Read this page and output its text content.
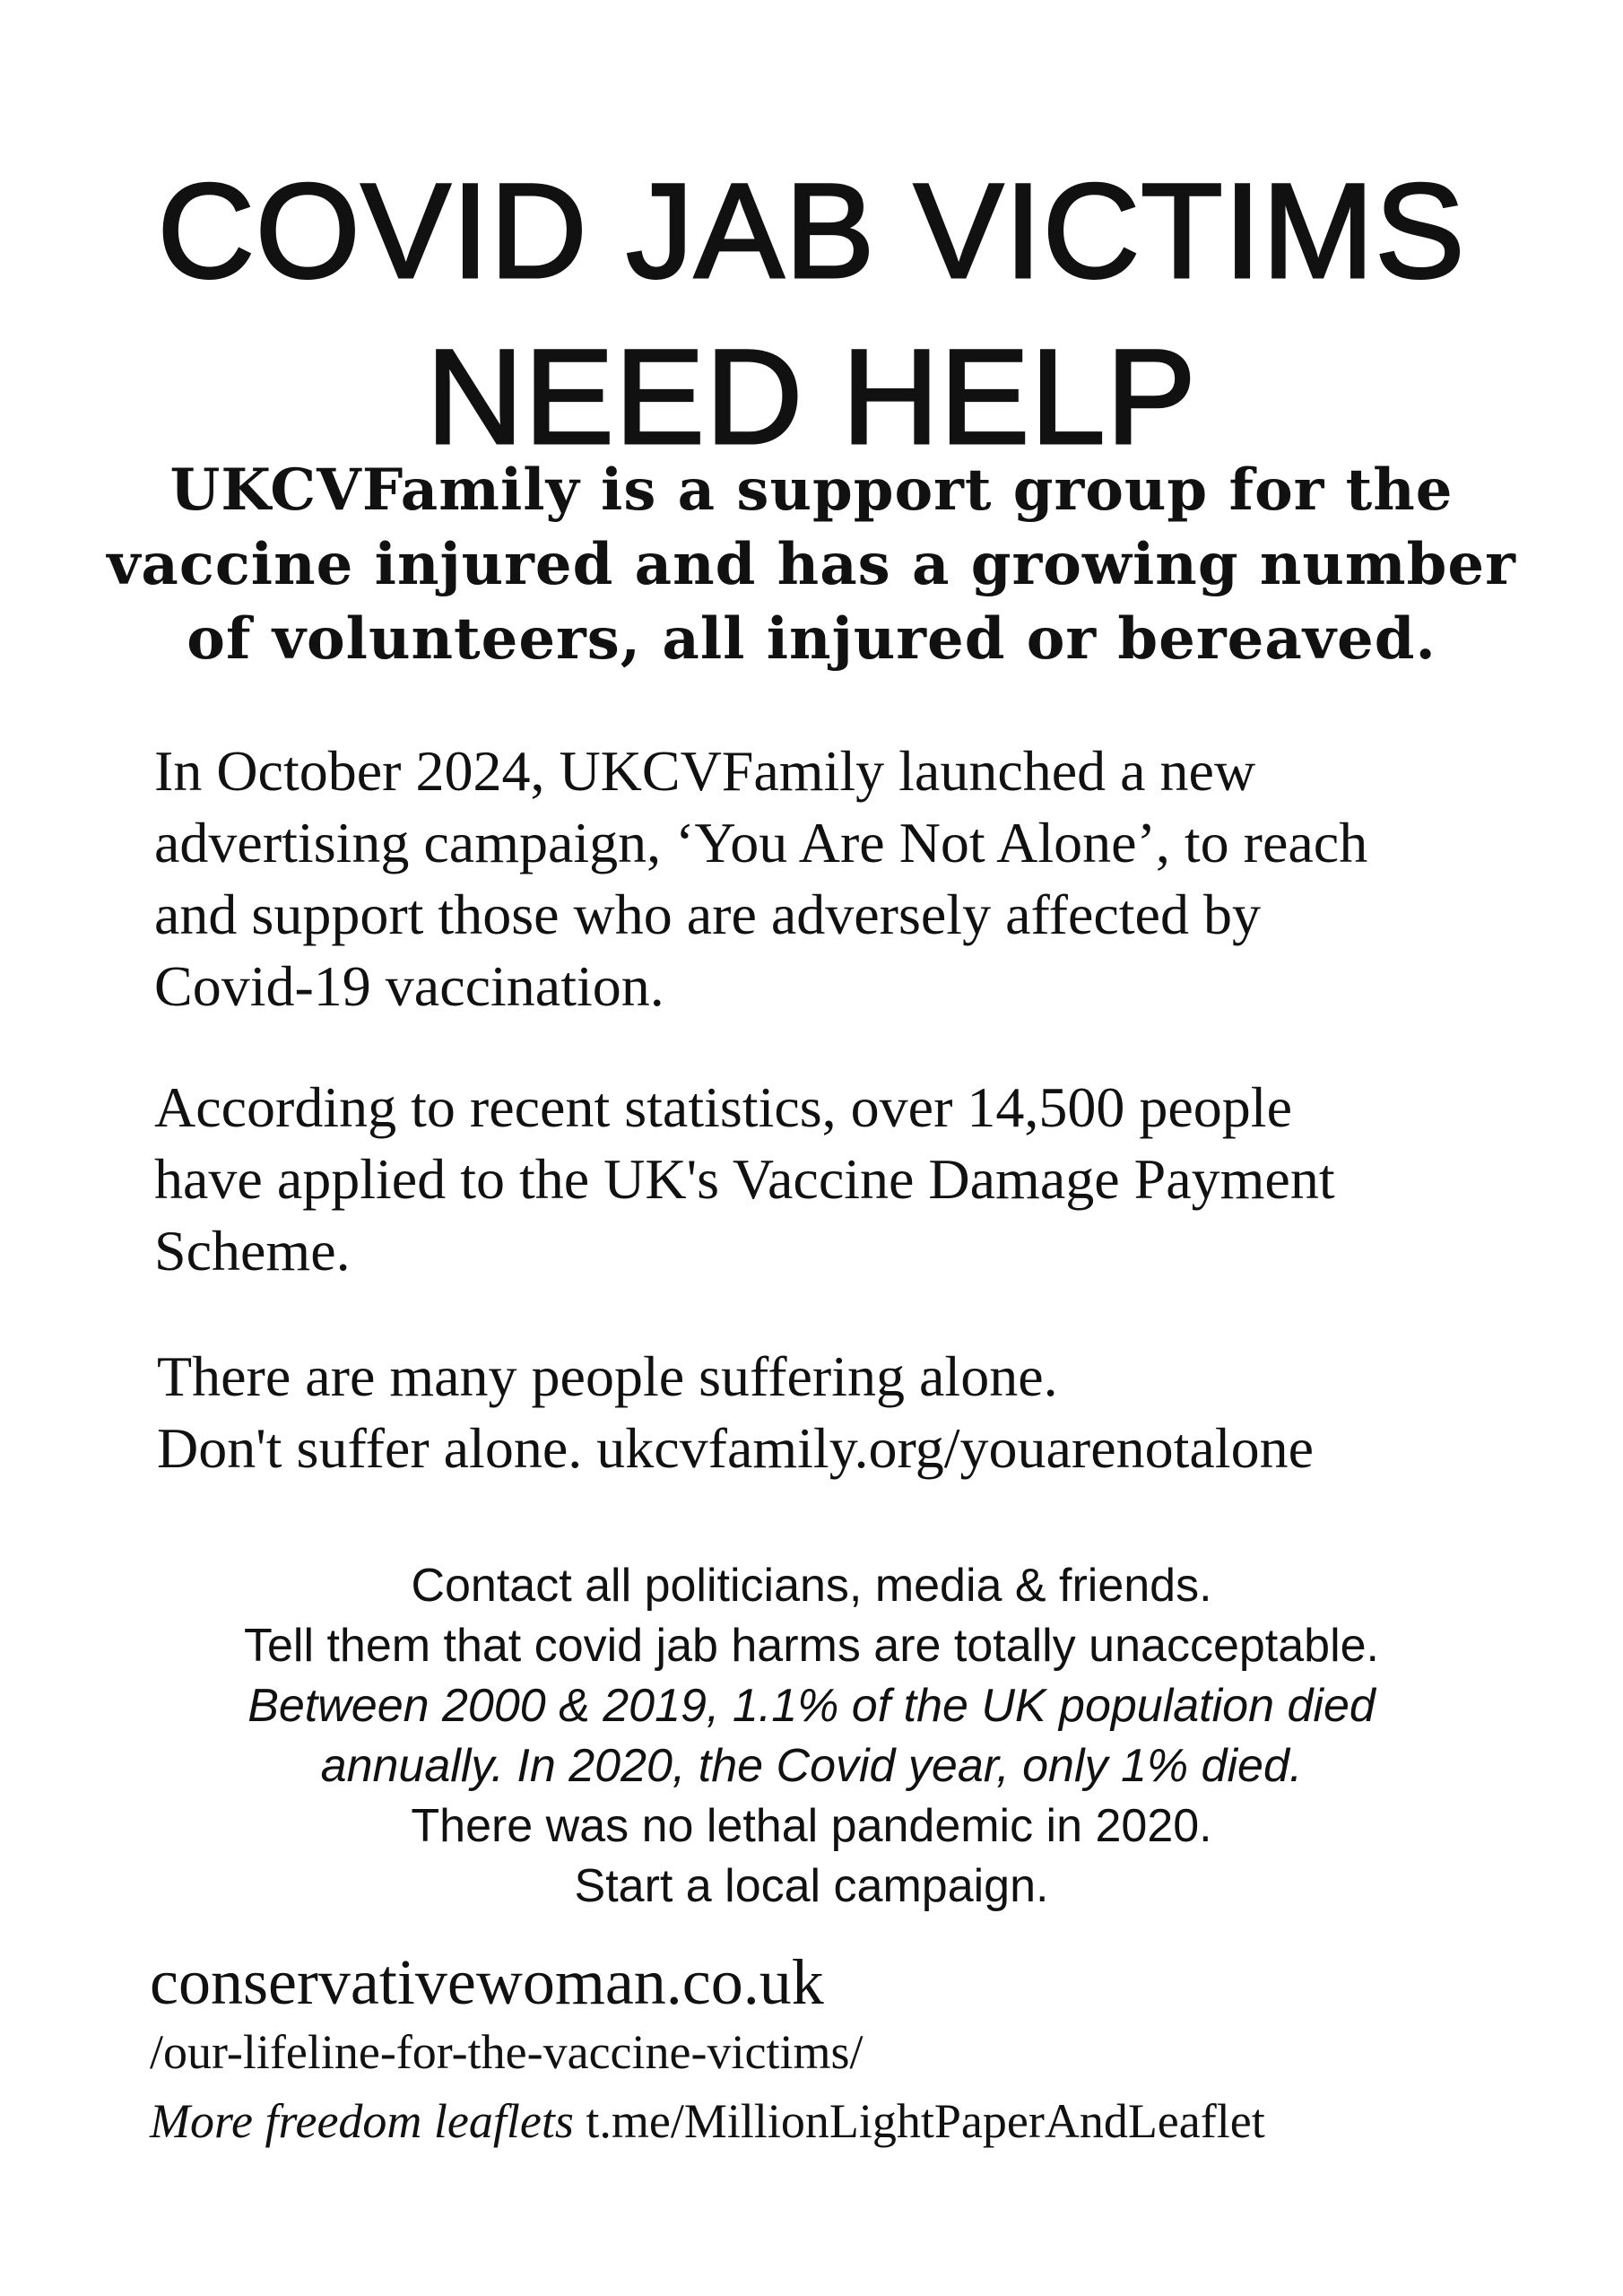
COVID JAB VICTIMS
NEED HELP

UKCVFamily is a support group for the
vaccine injured and has a growing number
of volunteers, all injured or bereaved.

In October 2024, UKCVFamily launched a new
advertising campaign, ‘You Are Not Alone’, to reach
and support those who are adversely affected by
Covid-19 vaccination.

According to recent statistics, over 14,500 people
have applied to the UK's Vaccine Damage Payment
Scheme.

There are many people suffering alone.
Don't suffer alone. ukcvfamily.org/youarenotalone

Contact all politicians, media & friends.
Tell them that covid jab harms are totally unacceptable.
Between 2000 & 2019, 1.1% of the UK population died
annually. In 2020, the Covid year, only 1% died.
There was no lethal pandemic in 2020.
Start a local campaign.

conservativewoman.co.uk

/our-lifeline-for-the-vaccine-victims/

More freedom leaflets t.me/MillionLightPaperAndLeaflet
